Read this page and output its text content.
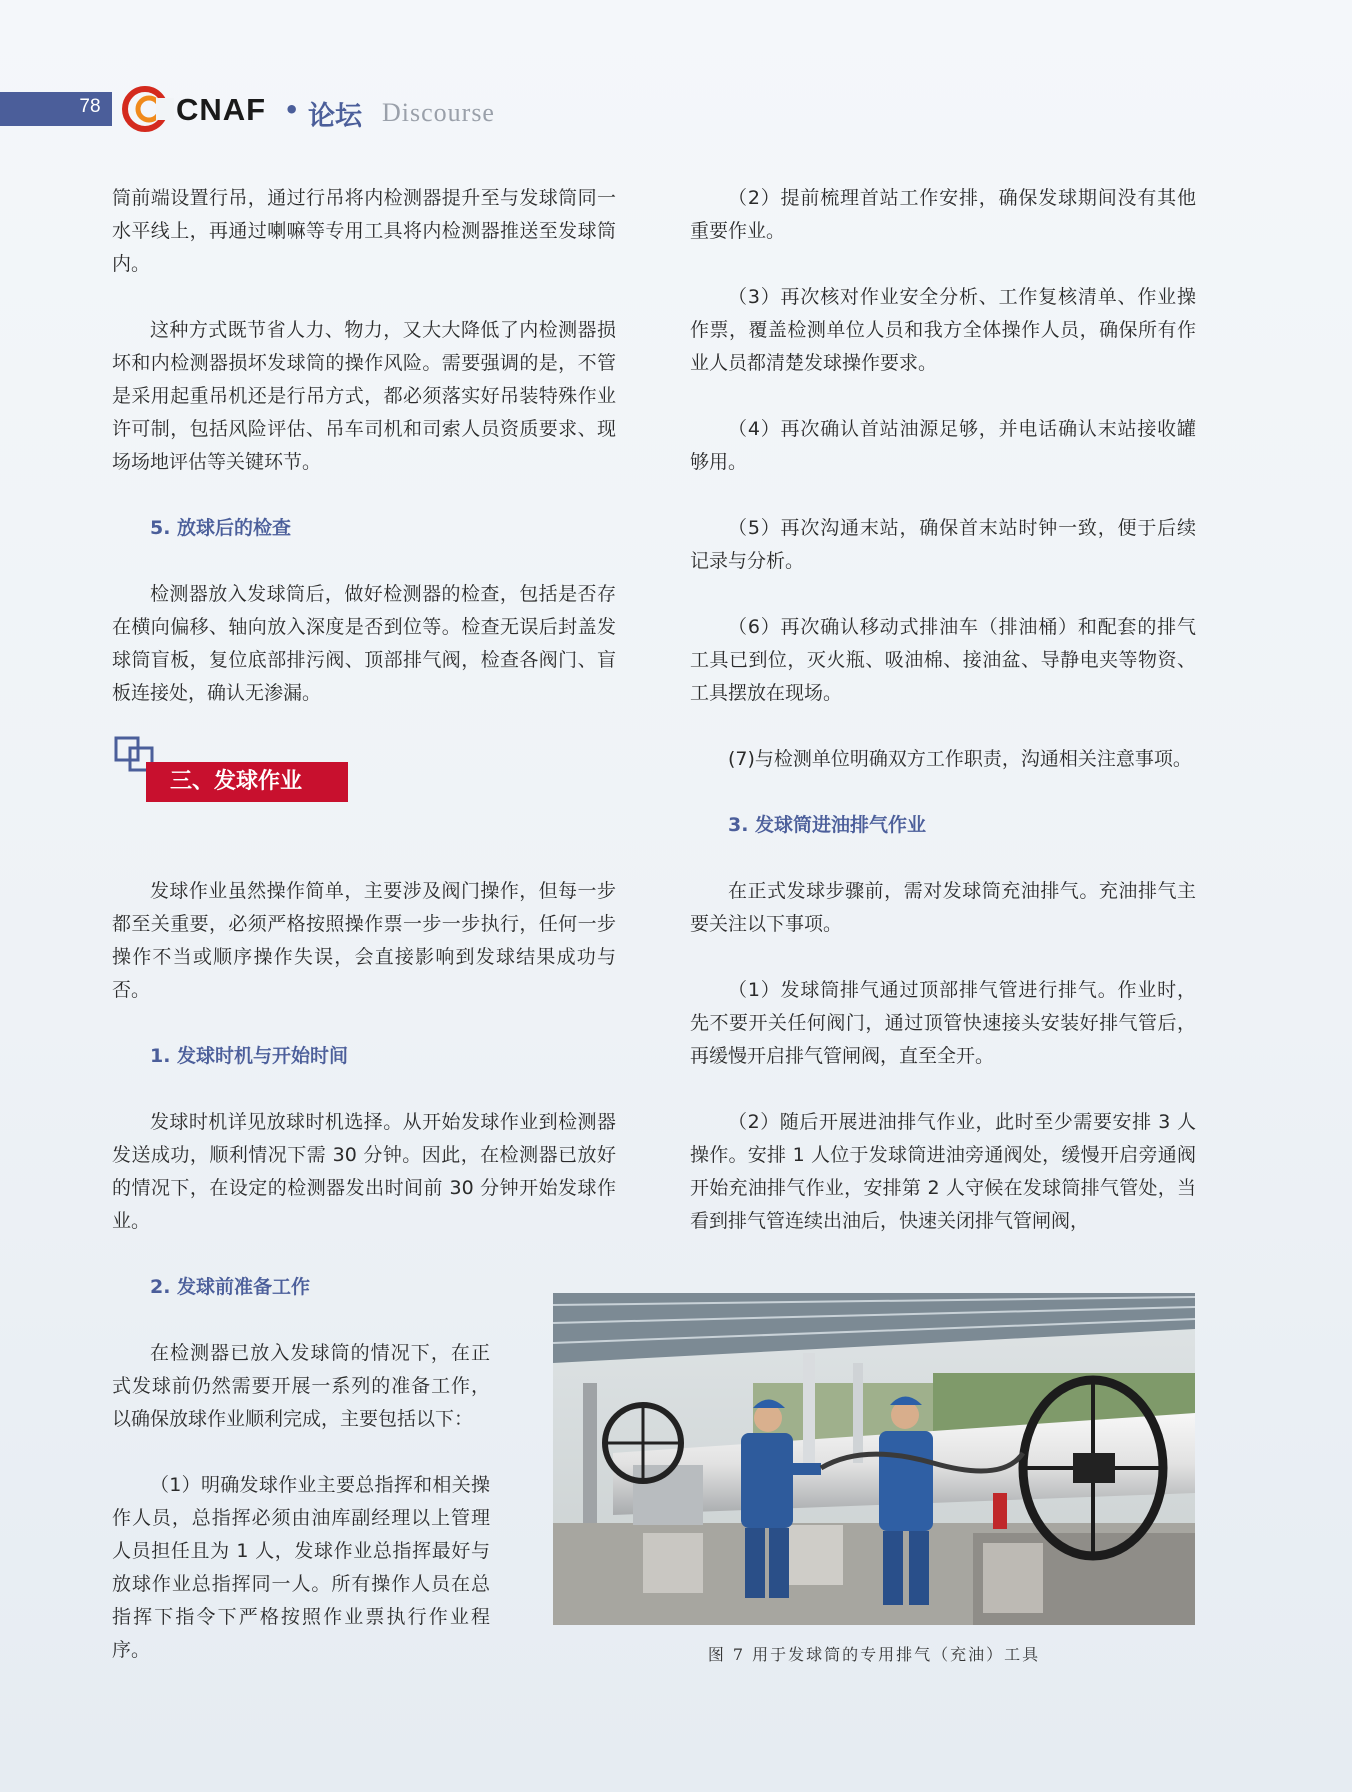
78 CNAF • 论坛 Discourse

筒前端设置行吊，通过行吊将内检测器提升至与发球筒同一水平线上，再通过喇嘛等专用工具将内检测器推送至发球筒内。

这种方式既节省人力、物力，又大大降低了内检测器损坏和内检测器损坏发球筒的操作风险。需要强调的是，不管是采用起重吊机还是行吊方式，都必须落实好吊装特殊作业许可制，包括风险评估、吊车司机和司索人员资质要求、现场场地评估等关键环节。

5. 放球后的检查

检测器放入发球筒后，做好检测器的检查，包括是否存在横向偏移、轴向放入深度是否到位等。检查无误后封盖发球筒盲板，复位底部排污阀、顶部排气阀，检查各阀门、盲板连接处，确认无渗漏。

发球作业虽然操作简单，主要涉及阀门操作，但每一步都至关重要，必须严格按照操作票一步一步执行，任何一步操作不当或顺序操作失误，会直接影响到发球结果成功与否。

1. 发球时机与开始时间

发球时机详见放球时机选择。从开始发球作业到检测器发送成功，顺利情况下需 30 分钟。因此，在检测器已放好的情况下，在设定的检测器发出时间前 30 分钟开始发球作业。

2. 发球前准备工作

在检测器已放入发球筒的情况下，在正式发球前仍然需要开展一系列的准备工作，以确保放球作业顺利完成，主要包括以下：

（1）明确发球作业主要总指挥和相关操作人员，总指挥必须由油库副经理以上管理人员担任且为 1 人，发球作业总指挥最好与放球作业总指挥同一人。所有操作人员在总指挥下指令下严格按照作业票执行作业程序。

三、发球作业

（2）提前梳理首站工作安排，确保发球期间没有其他重要作业。

（3）再次核对作业安全分析、工作复核清单、作业操作票，覆盖检测单位人员和我方全体操作人员，确保所有作业人员都清楚发球操作要求。

（4）再次确认首站油源足够，并电话确认末站接收罐够用。

（5）再次沟通末站，确保首末站时钟一致，便于后续记录与分析。

（6）再次确认移动式排油车（排油桶）和配套的排气工具已到位，灭火瓶、吸油棉、接油盆、导静电夹等物资、工具摆放在现场。

(7)与检测单位明确双方工作职责，沟通相关注意事项。

3. 发球筒进油排气作业

在正式发球步骤前，需对发球筒充油排气。充油排气主要关注以下事项。

（1）发球筒排气通过顶部排气管进行排气。作业时，先不要开关任何阀门，通过顶管快速接头安装好排气管后，再缓慢开启排气管闸阀，直至全开。

（2）随后开展进油排气作业，此时至少需要安排 3 人操作。安排 1 人位于发球筒进油旁通阀处，缓慢开启旁通阀开始充油排气作业，安排第 2 人守候在发球筒排气管处，当看到排气管连续出油后，快速关闭排气管闸阀，

图 7 用于发球筒的专用排气（充油）工具
